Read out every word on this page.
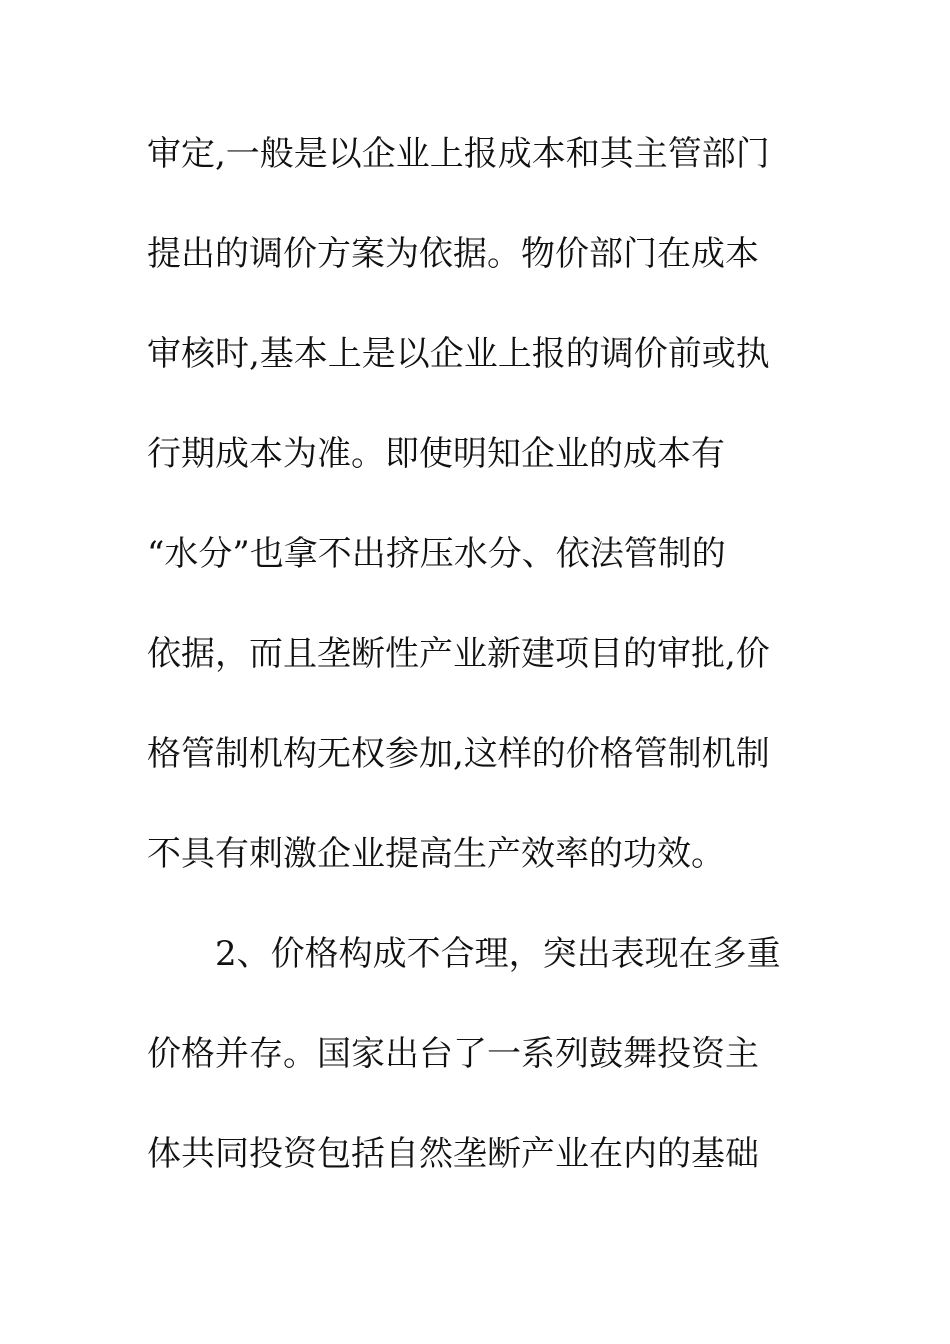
审定,一般是以企业上报成本和其主管部门
提出的调价方案为依据。物价部门在成本
审核时,基本上是以企业上报的调价前或执
行期成本为准。即使明知企业的成本有
“水分”也拿不出挤压水分、依法管制的
依据，而且垄断性产业新建项目的审批,价
格管制机构无权参加,这样的价格管制机制
不具有刺激企业提高生产效率的功效。
2、价格构成不合理，突出表现在多重
价格并存。国家出台了一系列鼓舞投资主
体共同投资包括自然垄断产业在内的基础
